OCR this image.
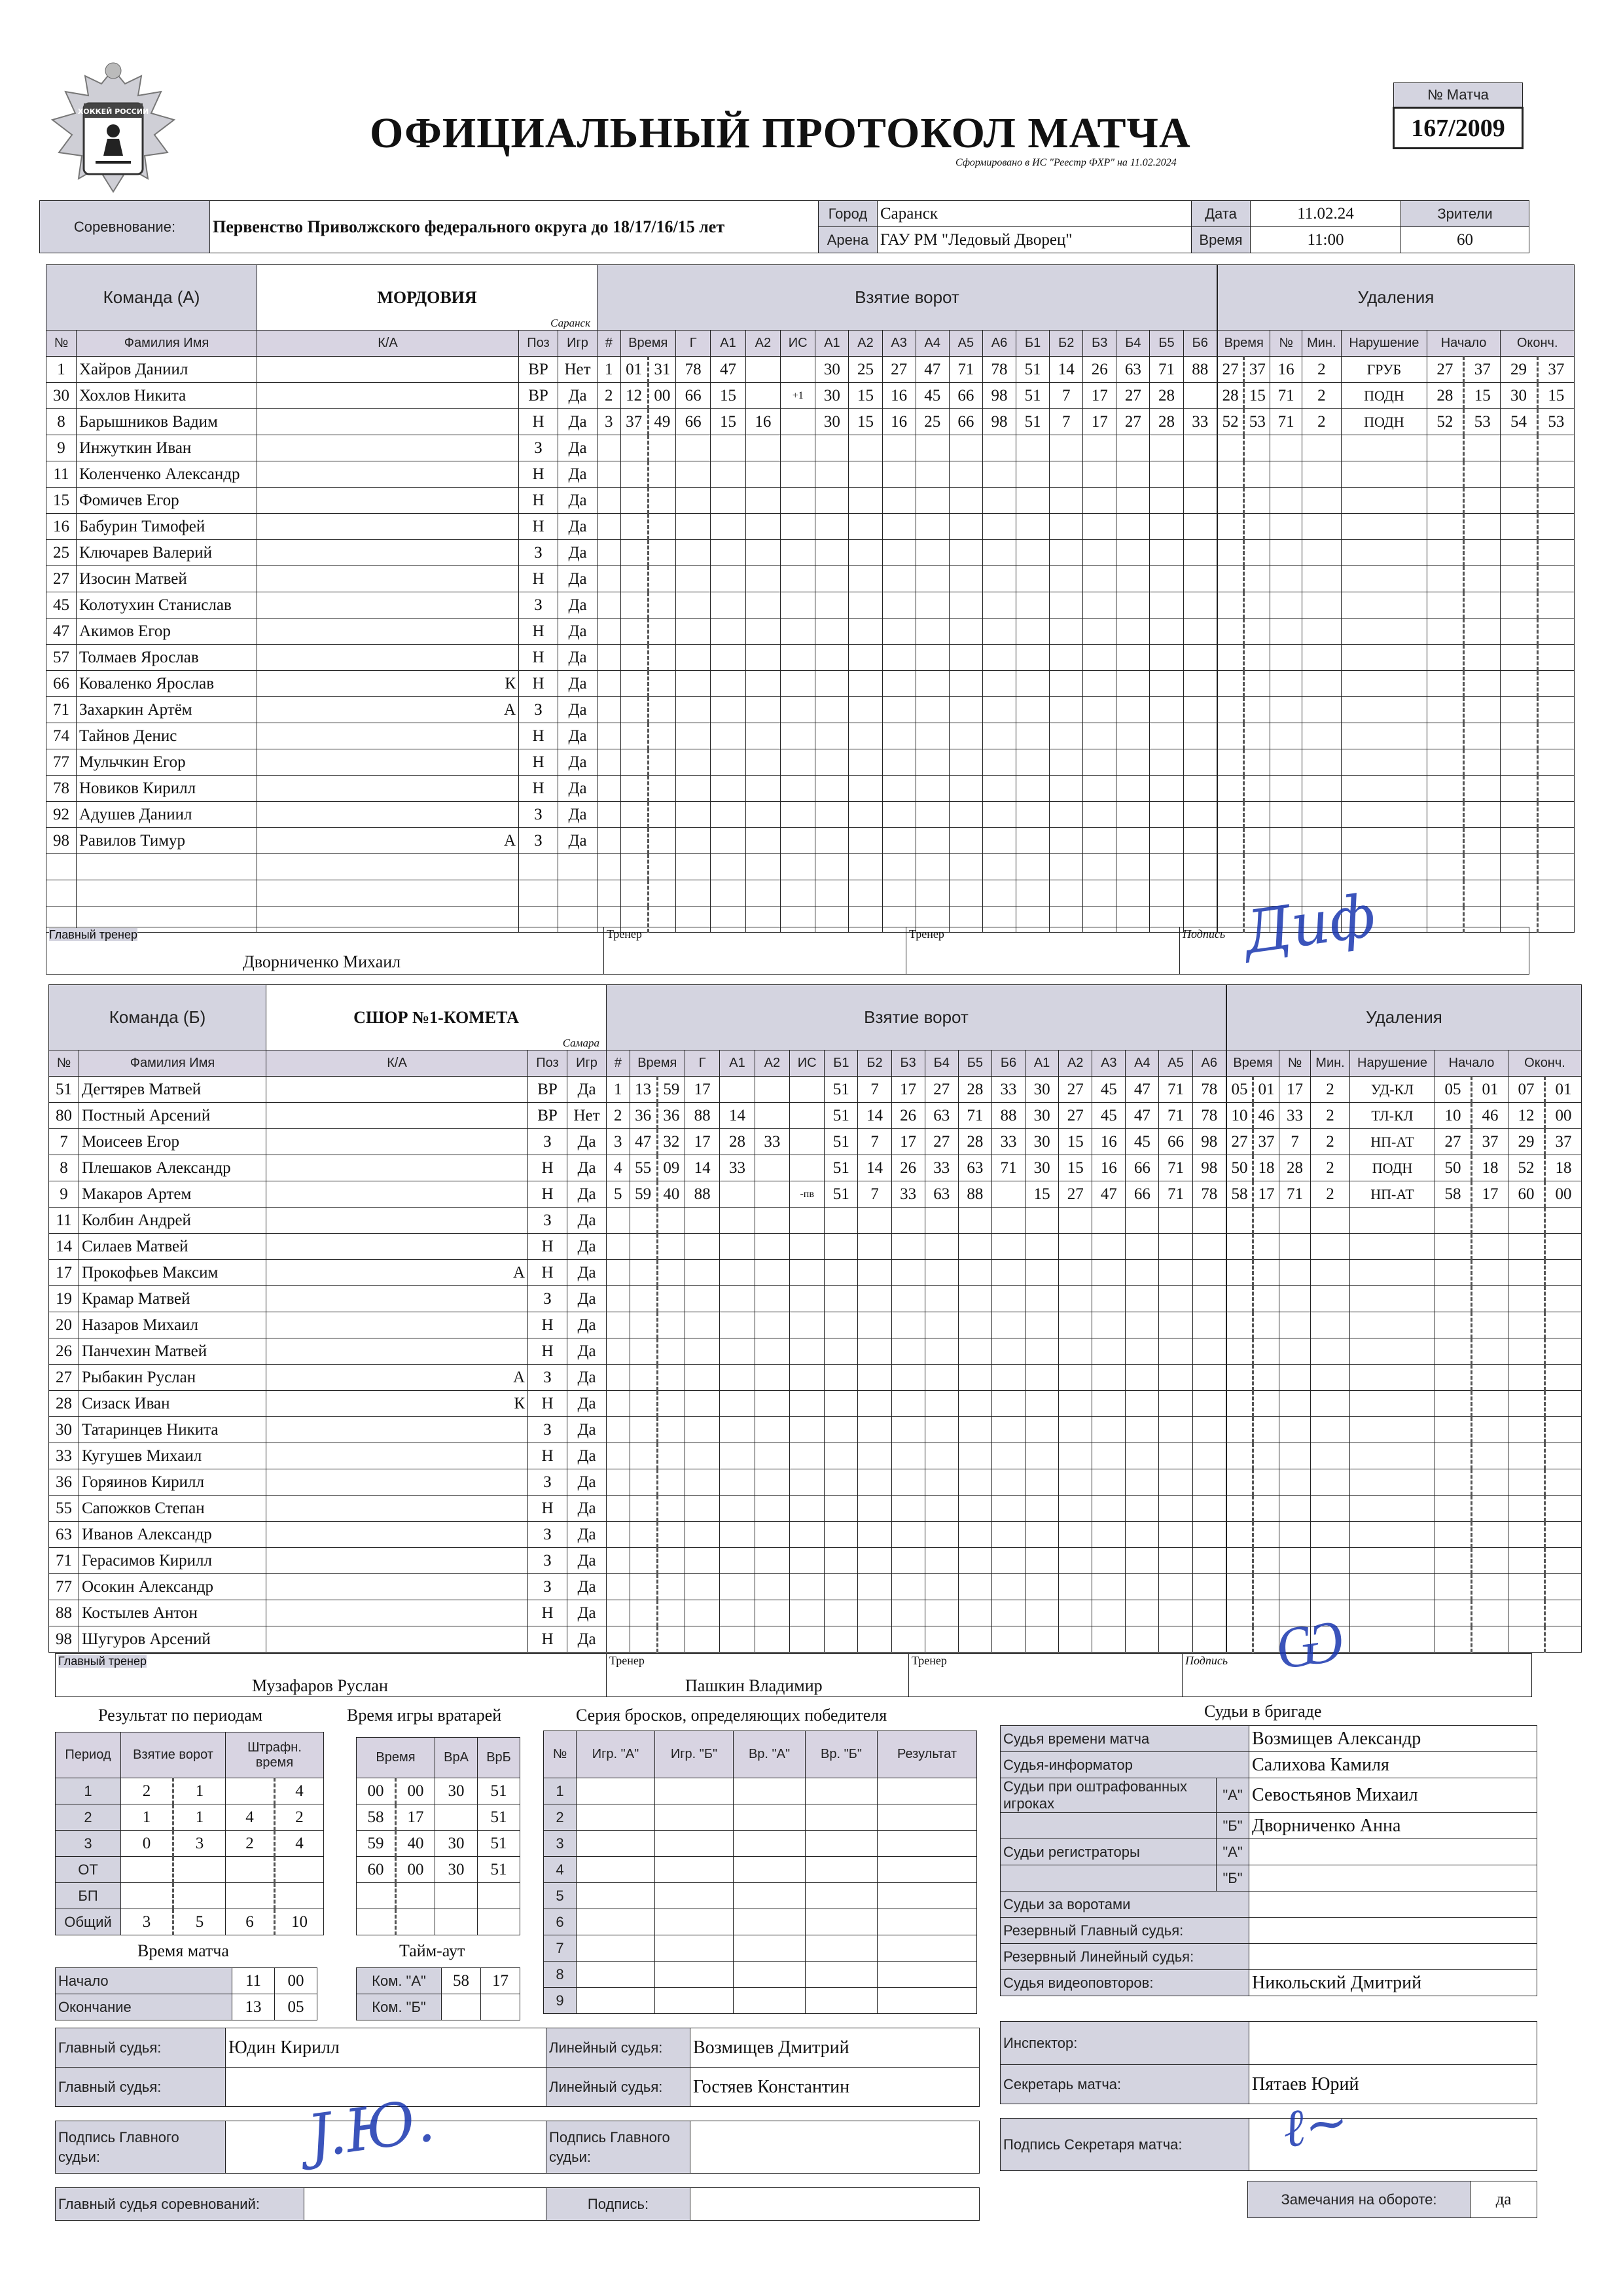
ХОККЕЙ РОССИИ	ОФИЦИАЛЬНЫЙ ПРОТОКОЛ МАТЧА
Сформировано в ИС "Реестр ФХР" на 11.02.2024
№ Матча
167/2009
Соревнование:	Первенство Приволжского федерального округа до 18/17/16/15 лет	Город	Саранск	Дата	11.02.24	Зрители
		Арена	ГАУ РМ "Ледовый Дворец"	Время	11:00	60
Команда (А)		МОРДОВИЯ
Саранск		

№	Фамилия Имя	К/А	Поз	Игр
1	Хайров Даниил		ВР	Нет
30	Хохлов Никита		ВР	Да
8	Барышников Вадим		Н	Да
9	Инжуткин Иван		З	Да
11	Коленченко Александр		Н	Да
15	Фомичев Егор		Н	Да
16	Бабурин Тимофей		Н	Да
25	Ключарев Валерий		З	Да
27	Изосин Матвей		Н	Да
45	Колотухин Станислав		З	Да
47	Акимов Егор		Н	Да
57	Толмаев Ярослав		Н	Да
66	Коваленко Ярослав	К	Н	Да
71	Захаркин Артём	А	З	Да
74	Тайнов Денис		Н	Да
77	Мульчкин Егор		Н	Да
78	Новиков Кирилл		Н	Да
92	Адушев Даниил		З	Да
98	Равилов Тимур	А	З	Да

Взятие ворот																		
#	Время		Г	А1	А2	ИС	А1	А2	А3	А4	А5	А6	Б1	Б2	Б3	Б4	Б5	Б6
1	01	31	78	47			30	25	27	47	71	78	51	14	26	63	71	88
2	12	00	66	15		+1	30	15	16	45	66	98	51	7	17	27	28	
3	37	49	66	15	16		30	15	16	25	66	98	51	7	17	27	28	33

Удаления								
Время		№	Мин.	Нарушение	Начало		Оконч.	
27	37	16	2	ГРУБ	27	37	29	37
28	15	71	2	ПОДН	28	15	30	15
52	53	71	2	ПОДН	52	53	54	53

Главный тренер
Дворниченко Михаил
	Тренер	Тренер	Подпись Дuф
Команда (Б)		СШОР №1-КОМЕТА
Самара		

№	Фамилия Имя	К/А	Поз	Игр
51	Дегтярев Матвей		ВР	Да
80	Постный Арсений		ВР	Нет
7	Моисеев Егор		З	Да
8	Плешаков Александр		Н	Да
9	Макаров Артем		Н	Да
11	Колбин Андрей		З	Да
14	Силаев Матвей		Н	Да
17	Прокофьев Максим	А	Н	Да
19	Крамар Матвей		З	Да
20	Назаров Михаил		Н	Да
26	Панчехин Матвей		Н	Да
27	Рыбакин Руслан	А	З	Да
28	Сизаск Иван	К	Н	Да
30	Татаринцев Никита		З	Да
33	Кугушев Михаил		Н	Да
36	Горяинов Кирилл		З	Да
55	Сапожков Степан		Н	Да
63	Иванов Александр		З	Да
71	Герасимов Кирилл		З	Да
77	Осокин Александр		З	Да
88	Костылев Антон		Н	Да
98	Шугуров Арсений		Н	Да
Взятие ворот																		
#	Время		Г	А1	А2	ИС	Б1	Б2	Б3	Б4	Б5	Б6	А1	А2	А3	А4	А5	А6
1	13	59	17				51	7	17	27	28	33	30	27	45	47	71	78
2	36	36	88	14			51	14	26	63	71	88	30	27	45	47	71	78
3	47	32	17	28	33		51	7	17	27	28	33	30	15	16	45	66	98
4	55	09	14	33			51	14	26	33	63	71	30	15	16	66	71	98
5	59	40	88			-пв	51	7	33	63	88		15	27	47	66	71	78

Удаления								
Время		№	Мин.	Нарушение	Начало		Оконч.	
05	01	17	2	УД-КЛ	05	01	07	01
10	46	33	2	ТЛ-КЛ	10	46	12	00
27	37	7	2	НП-АТ	27	37	29	37
50	18	28	2	ПОДН	50	18	52	18
58	17	71	2	НП-АТ	58	17	60	00

Главный тренер
Музафаров Руслан
	Тренер
Пашкин Владимир
	Тренер	Подпись Ѡ
Результат по периодам
Период	Взятие ворот		Штрафн. время	
1	2	1		4
2	1	1	4	2
3	0	3	2	4
ОТ				
БП				
Общий	3	5	6	10
Время игры вратарей
Время		ВрА	ВрБ
00	00	30	51
58	17		51
59	40	30	51
60	00	30	51

Время матча
Начало	11	00
Окончание	13	05
Тайм-аут
Ком. "А"	58	17
Ком. "Б"		
Серия бросков, определяющих победителя
№	Игр. "А"	Игр. "Б"	Вр. "А"	Вр. "Б"	Результат
1					
2					
3					
4					
5					
6					
7					
8					
9					
Судьи в бригаде
Судья времени матча		Возмищев Александр
Судья-информатор		Салихова Камиля
Судьи при оштрафованных игроках	"А"	Севостьянов Михаил
	"Б"	Дворниченко Анна
Судьи регистраторы	"А"	
	"Б"	
Судьи за воротами		
Резервный Главный судья:		
Резервный Линейный судья:		
Судья видеоповторов:		Никольский Дмитрий
Главный судья:	Юдин Кирилл	Линейный судья:	Возмищев Дмитрий
Главный судья:		Линейный судья:	Гостяев Константин
Инспектор:	
Секретарь матча:	Пятаев Юрий
Подпись Главного судьи:		Подпись Главного судьи:	
J.Ю.	Подпись Секретаря матча:	ℓ~
Главный судья соревнований:		Подпись:		Замечания на обороте:	да
